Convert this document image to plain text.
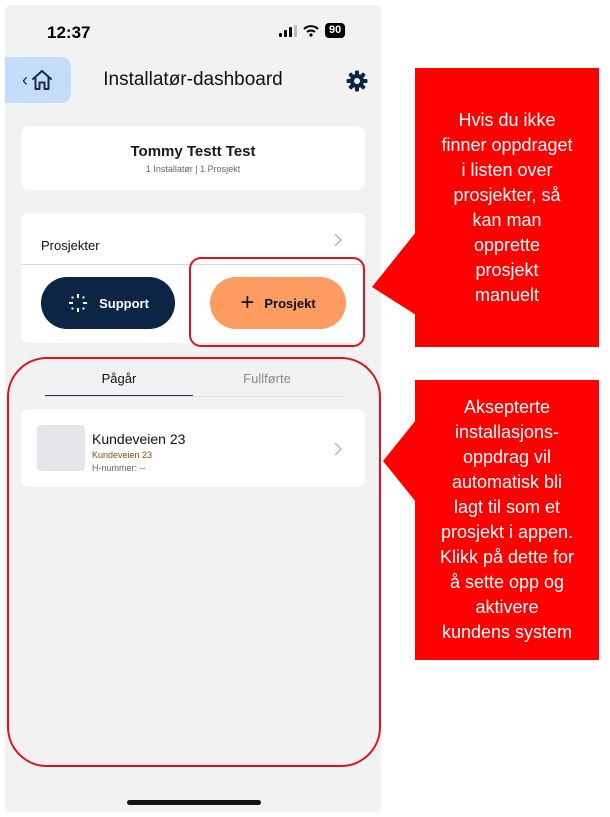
12:37	90
‹	Installatør-dashboard
Tommy Testt Test
1 Installatør | 1 Prosjekt
Prosjekter
Support	+ Prosjekt
Pågår	Fullførte
Kundeveien 23
Kundeveien 23
H-nummer: --
Hvis du ikke
finner oppdraget
i listen over
prosjekter, så
kan man
opprette
prosjekt
manuelt
Aksepterte
installasjons-
oppdrag vil
automatisk bli
lagt til som et
prosjekt i appen.
Klikk på dette for
å sette opp og
aktivere
kundens system
